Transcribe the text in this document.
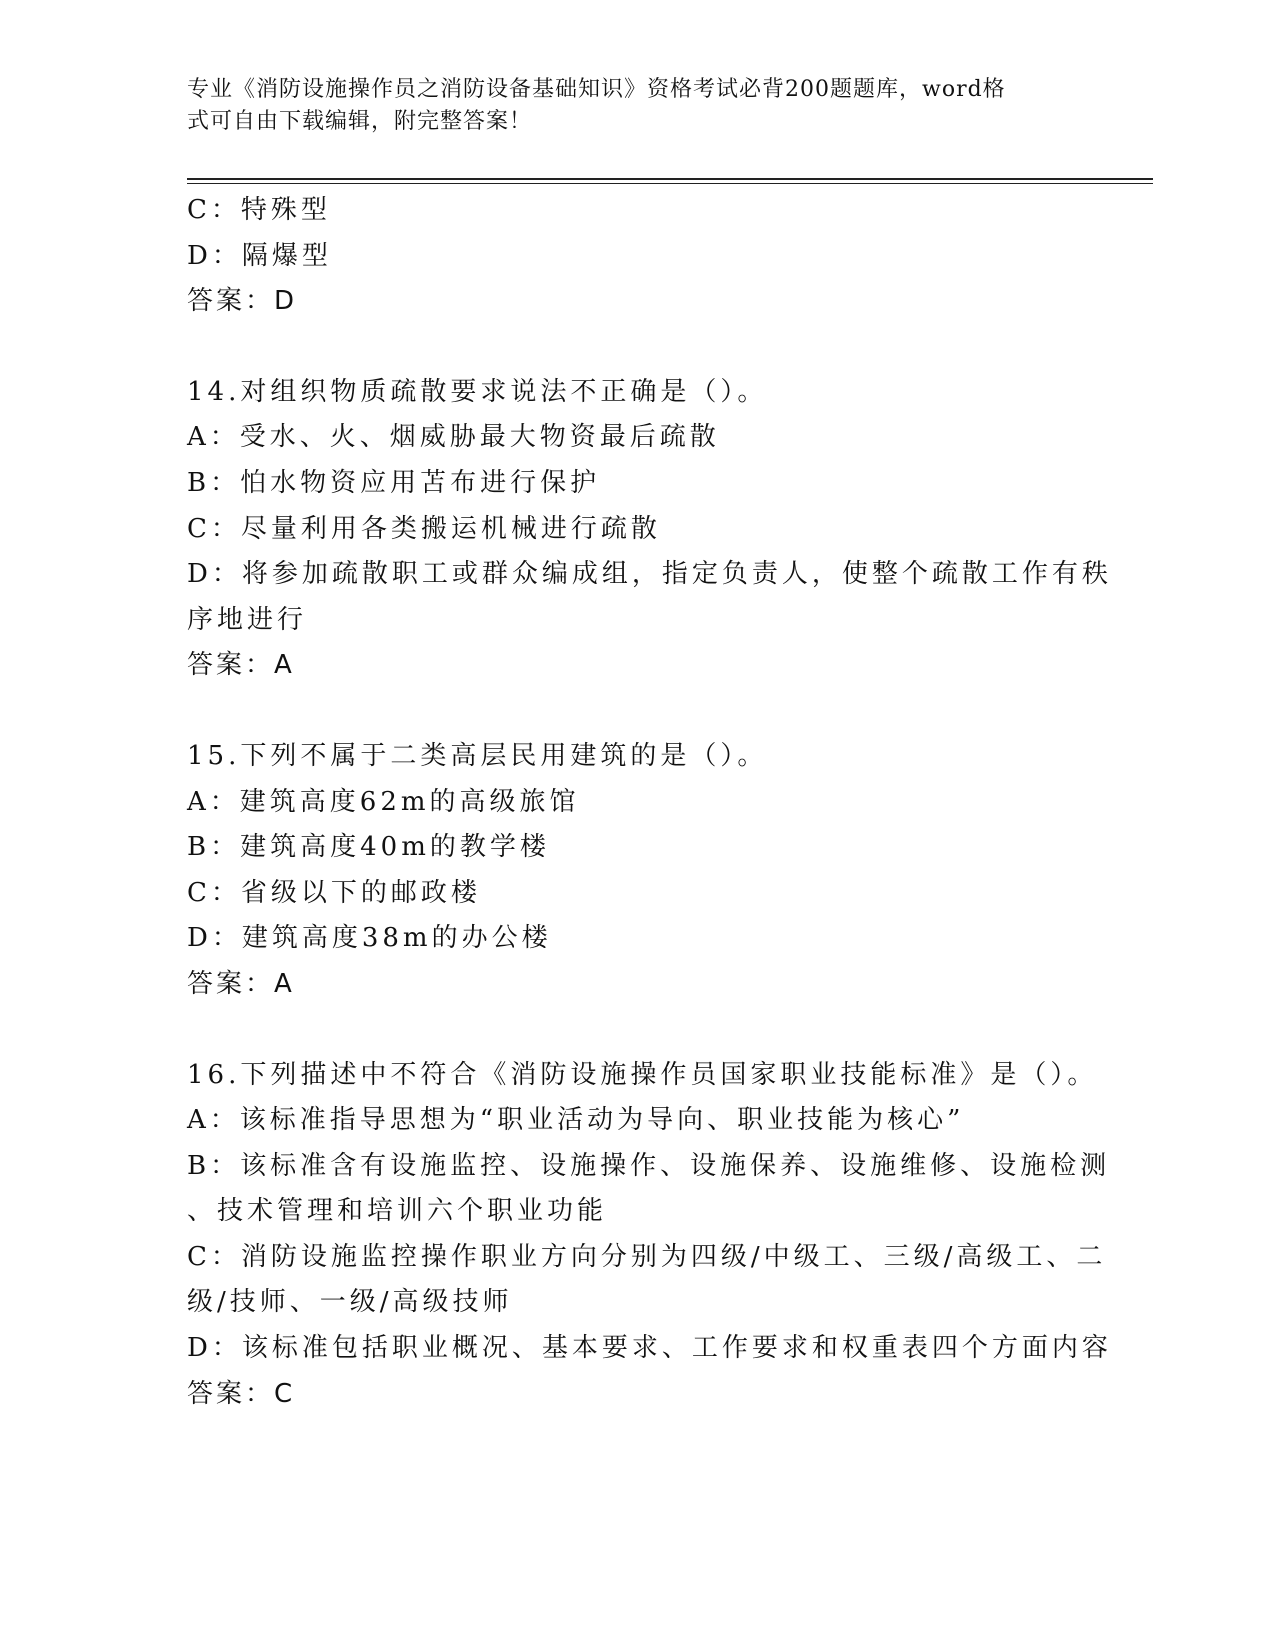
专业《消防设施操作员之消防设备基础知识》资格考试必背200题题库，word格
式可自由下载编辑，附完整答案！
C：特殊型
D：隔爆型
答案：D
14.对组织物质疏散要求说法不正确是（）。
A：受水、火、烟威胁最大物资最后疏散
B：怕水物资应用苫布进行保护
C：尽量利用各类搬运机械进行疏散
D：将参加疏散职工或群众编成组，指定负责人，使整个疏散工作有秩
序地进行
答案：A
15.下列不属于二类高层民用建筑的是（）。
A：建筑高度62m的高级旅馆
B：建筑高度40m的教学楼
C：省级以下的邮政楼
D：建筑高度38m的办公楼
答案：A
16.下列描述中不符合《消防设施操作员国家职业技能标准》是（）。
A：该标准指导思想为“职业活动为导向、职业技能为核心”
B：该标准含有设施监控、设施操作、设施保养、设施维修、设施检测
、技术管理和培训六个职业功能
C：消防设施监控操作职业方向分别为四级/中级工、三级/高级工、二
级/技师、一级/高级技师
D：该标准包括职业概况、基本要求、工作要求和权重表四个方面内容
答案：C
